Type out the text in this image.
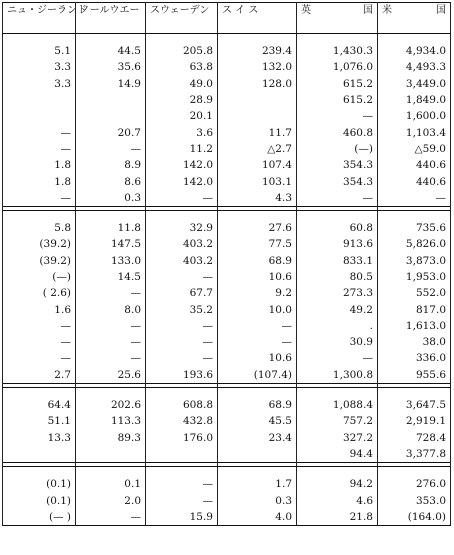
ニュ・ジーランド	ノールウエー	スウェーデン	ス イ ス	英 国	米 国

5.1	44.5	205.8	239.4	1,430.3	4,934.0
3.3	35.6	63.8	132.0	1,076.0	4,493.3
3.3	14.9	49.0	128.0	615.2	3,449.0
		28.9		615.2	1,849.0
		20.1		—	1,600.0
—	20.7	3.6	11.7	460.8	1,103.4
—	—	11.2	△2.7	(—)	△59.0
1.8	8.9	142.0	107.4	354.3	440.6
1.8	8.6	142.0	103.1	354.3	440.6
—	0.3	—	4.3	—	—

5.8	11.8	32.9	27.6	60.8	735.6
(39.2)	147.5	403.2	77.5	913.6	5,826.0
(39.2)	133.0	403.2	68.9	833.1	3,873.0
(—)	14.5	—	10.6	80.5	1,953.0
( 2.6)	—	67.7	9.2	273.3	552.0
1.6	8.0	35.2	10.0	49.2	817.0
—	—	—	—	.	1,613.0
—	—	—	—	30.9	38.0
—	—	—	10.6	—	336.0
2.7	25.6	193.6	(107.4)	1,300.8	955.6

64.4	202.6	608.8	68.9	1,088.4	3,647.5
51.1	113.3	432.8	45.5	757.2	2,919.1
13.3	89.3	176.0	23.4	327.2	728.4
				94.4	3,377.8

(0.1)	0.1	—	1.7	94.2	276.0
(0.1)	2.0	—	0.3	4.6	353.0
(— )	—	15.9	4.0	21.8	(164.0)
